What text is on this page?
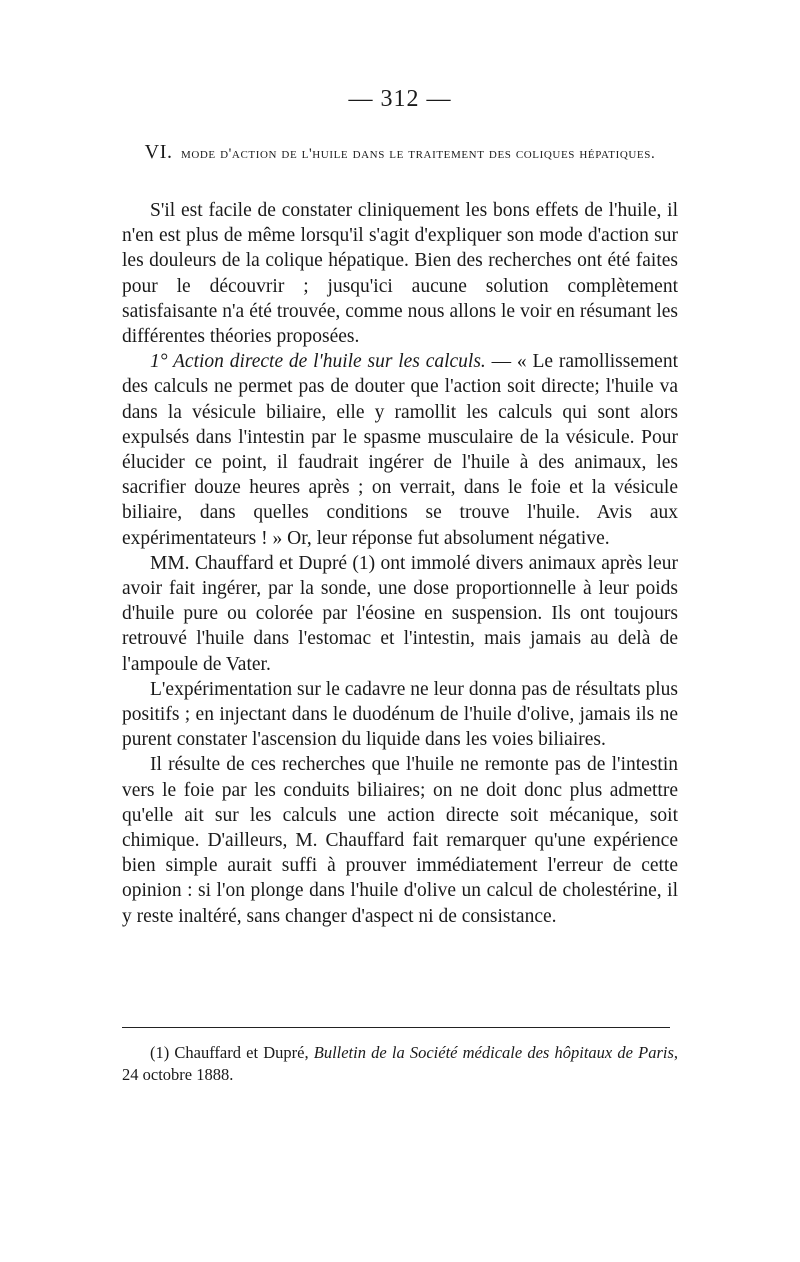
— 312 —
VI. mode d'action de l'huile dans le traitement des coliques hépatiques.

S'il est facile de constater cliniquement les bons effets de l'huile, il n'en est plus de même lorsqu'il s'agit d'expliquer son mode d'action sur les douleurs de la colique hépatique. Bien des recherches ont été faites pour le découvrir ; jusqu'ici aucune solution complètement satisfaisante n'a été trouvée, comme nous allons le voir en résumant les différentes théories proposées.

1° Action directe de l'huile sur les calculs. — « Le ramollissement des calculs ne permet pas de douter que l'action soit directe; l'huile va dans la vésicule biliaire, elle y ramollit les calculs qui sont alors expulsés dans l'intestin par le spasme musculaire de la vésicule. Pour élucider ce point, il faudrait ingérer de l'huile à des animaux, les sacrifier douze heures après ; on verrait, dans le foie et la vésicule biliaire, dans quelles conditions se trouve l'huile. Avis aux expérimentateurs ! » Or, leur réponse fut absolument négative.

MM. Chauffard et Dupré (1) ont immolé divers animaux après leur avoir fait ingérer, par la sonde, une dose proportionnelle à leur poids d'huile pure ou colorée par l'éosine en suspension. Ils ont toujours retrouvé l'huile dans l'estomac et l'intestin, mais jamais au delà de l'ampoule de Vater.

L'expérimentation sur le cadavre ne leur donna pas de résultats plus positifs ; en injectant dans le duodénum de l'huile d'olive, jamais ils ne purent constater l'ascension du liquide dans les voies biliaires.

Il résulte de ces recherches que l'huile ne remonte pas de l'intestin vers le foie par les conduits biliaires; on ne doit donc plus admettre qu'elle ait sur les calculs une action directe soit mécanique, soit chimique. D'ailleurs, M. Chauffard fait remarquer qu'une expérience bien simple aurait suffi à prouver immédiatement l'erreur de cette opinion : si l'on plonge dans l'huile d'olive un calcul de cholestérine, il y reste inaltéré, sans changer d'aspect ni de consistance.

(1) Chauffard et Dupré, Bulletin de la Société médicale des hôpitaux de Paris, 24 octobre 1888.
